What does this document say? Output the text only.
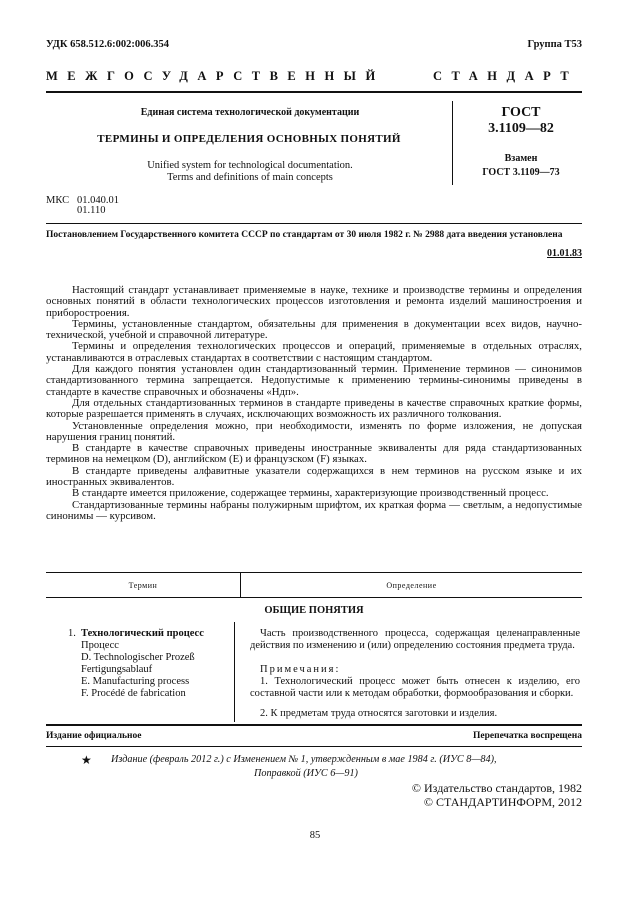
УДК 658.512.6:002:006.354	Группа Т53
МЕЖГОСУДАРСТВЕННЫЙ	СТАНДАРТ
Единая система технологической документации
ТЕРМИНЫ И ОПРЕДЕЛЕНИЯ ОСНОВНЫХ ПОНЯТИЙ
Unified system for technological documentation.
Terms and definitions of main concepts
ГОСТ
3.1109—82
Взамен
ГОСТ 3.1109—73
МКС 01.040.01
01.110
Постановлением Государственного комитета СССР по стандартам от 30 июля 1982 г. № 2988 дата введения установлена
01.01.83

Настоящий стандарт устанавливает применяемые в науке, технике и производстве термины и определения основных понятий в области технологических процессов изготовления и ремонта изделий машиностроения и приборостроения.

Термины, установленные стандартом, обязательны для применения в документации всех видов, научно-технической, учебной и справочной литературе.

Термины и определения технологических процессов и операций, применяемые в отдельных отраслях, устанавливаются в отраслевых стандартах в соответствии с настоящим стандартом.

Для каждого понятия установлен один стандартизованный термин. Применение терминов — синонимов стандартизованного термина запрещается. Недопустимые к применению термины-синонимы приведены в стандарте в качестве справочных и обозначены «Ндп».

Для отдельных стандартизованных терминов в стандарте приведены в качестве справочных краткие формы, которые разрешается применять в случаях, исключающих возможность их различного толкования.

Установленные определения можно, при необходимости, изменять по форме изложения, не допуская нарушения границ понятий.

В стандарте в качестве справочных приведены иностранные эквиваленты для ряда стандартизованных терминов на немецком (D), английском (E) и французском (F) языках.

В стандарте приведены алфавитные указатели содержащихся в нем терминов на русском языке и их иностранных эквивалентов.

В стандарте имеется приложение, содержащее термины, характеризующие производственный процесс.

Стандартизованные термины набраны полужирным шрифтом, их краткая форма — светлым, а недопустимые синонимы — курсивом.

Термин	Определение
ОБЩИЕ ПОНЯТИЯ
1. Технологический процесс
Процесс
D. Technologischer Prozeß
Fertigungsablauf
E. Manufacturing process
F. Procédé de fabrication
Часть производственного процесса, содержащая целенаправленные действия по изменению и (или) определению состояния предмета труда.
Примечания:
1. Технологический процесс может быть отнесен к изделию, его составной части или к методам обработки, формообразования и сборки.
2. К предметам труда относятся заготовки и изделия.
Издание официальное	Перепечатка воспрещена
★ Издание (февраль 2012 г.) с Изменением № 1, утвержденным в мае 1984 г. (ИУС 8—84),
Поправкой (ИУС 6—91)
© Издательство стандартов, 1982
© СТАНДАРТИНФОРМ, 2012
85
